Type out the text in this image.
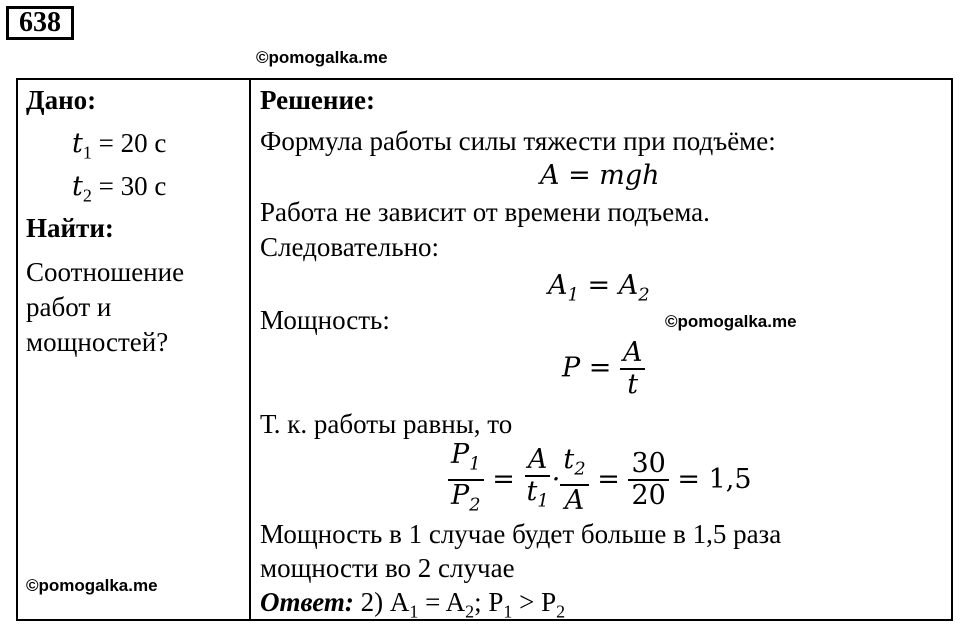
638
©pomogalka.me
©pomogalka.me
©pomogalka.me
Дано:
$t_1 = 20$ с
$t_2 = 30$ с
Найти:
Соотношение
работ и
мощностей?
Решение:
Формула работы силы тяжести при подъёме:
A = mgh
Работа не зависит от времени подъема.
Следовательно:
$A_1 = A_2$
Мощность:
$P = \frac{A}{t}$
Т. к. работы равны, то
$\frac{P_1}{P_2} = \frac{A}{t_1} \cdot \frac{t_2}{A} = \frac{30}{20} = 1,5$
Мощность в 1 случае будет больше в 1,5 раза
мощности во 2 случае
Ответ: 2) $A_1 = A_2$; $P_1 > P_2$
